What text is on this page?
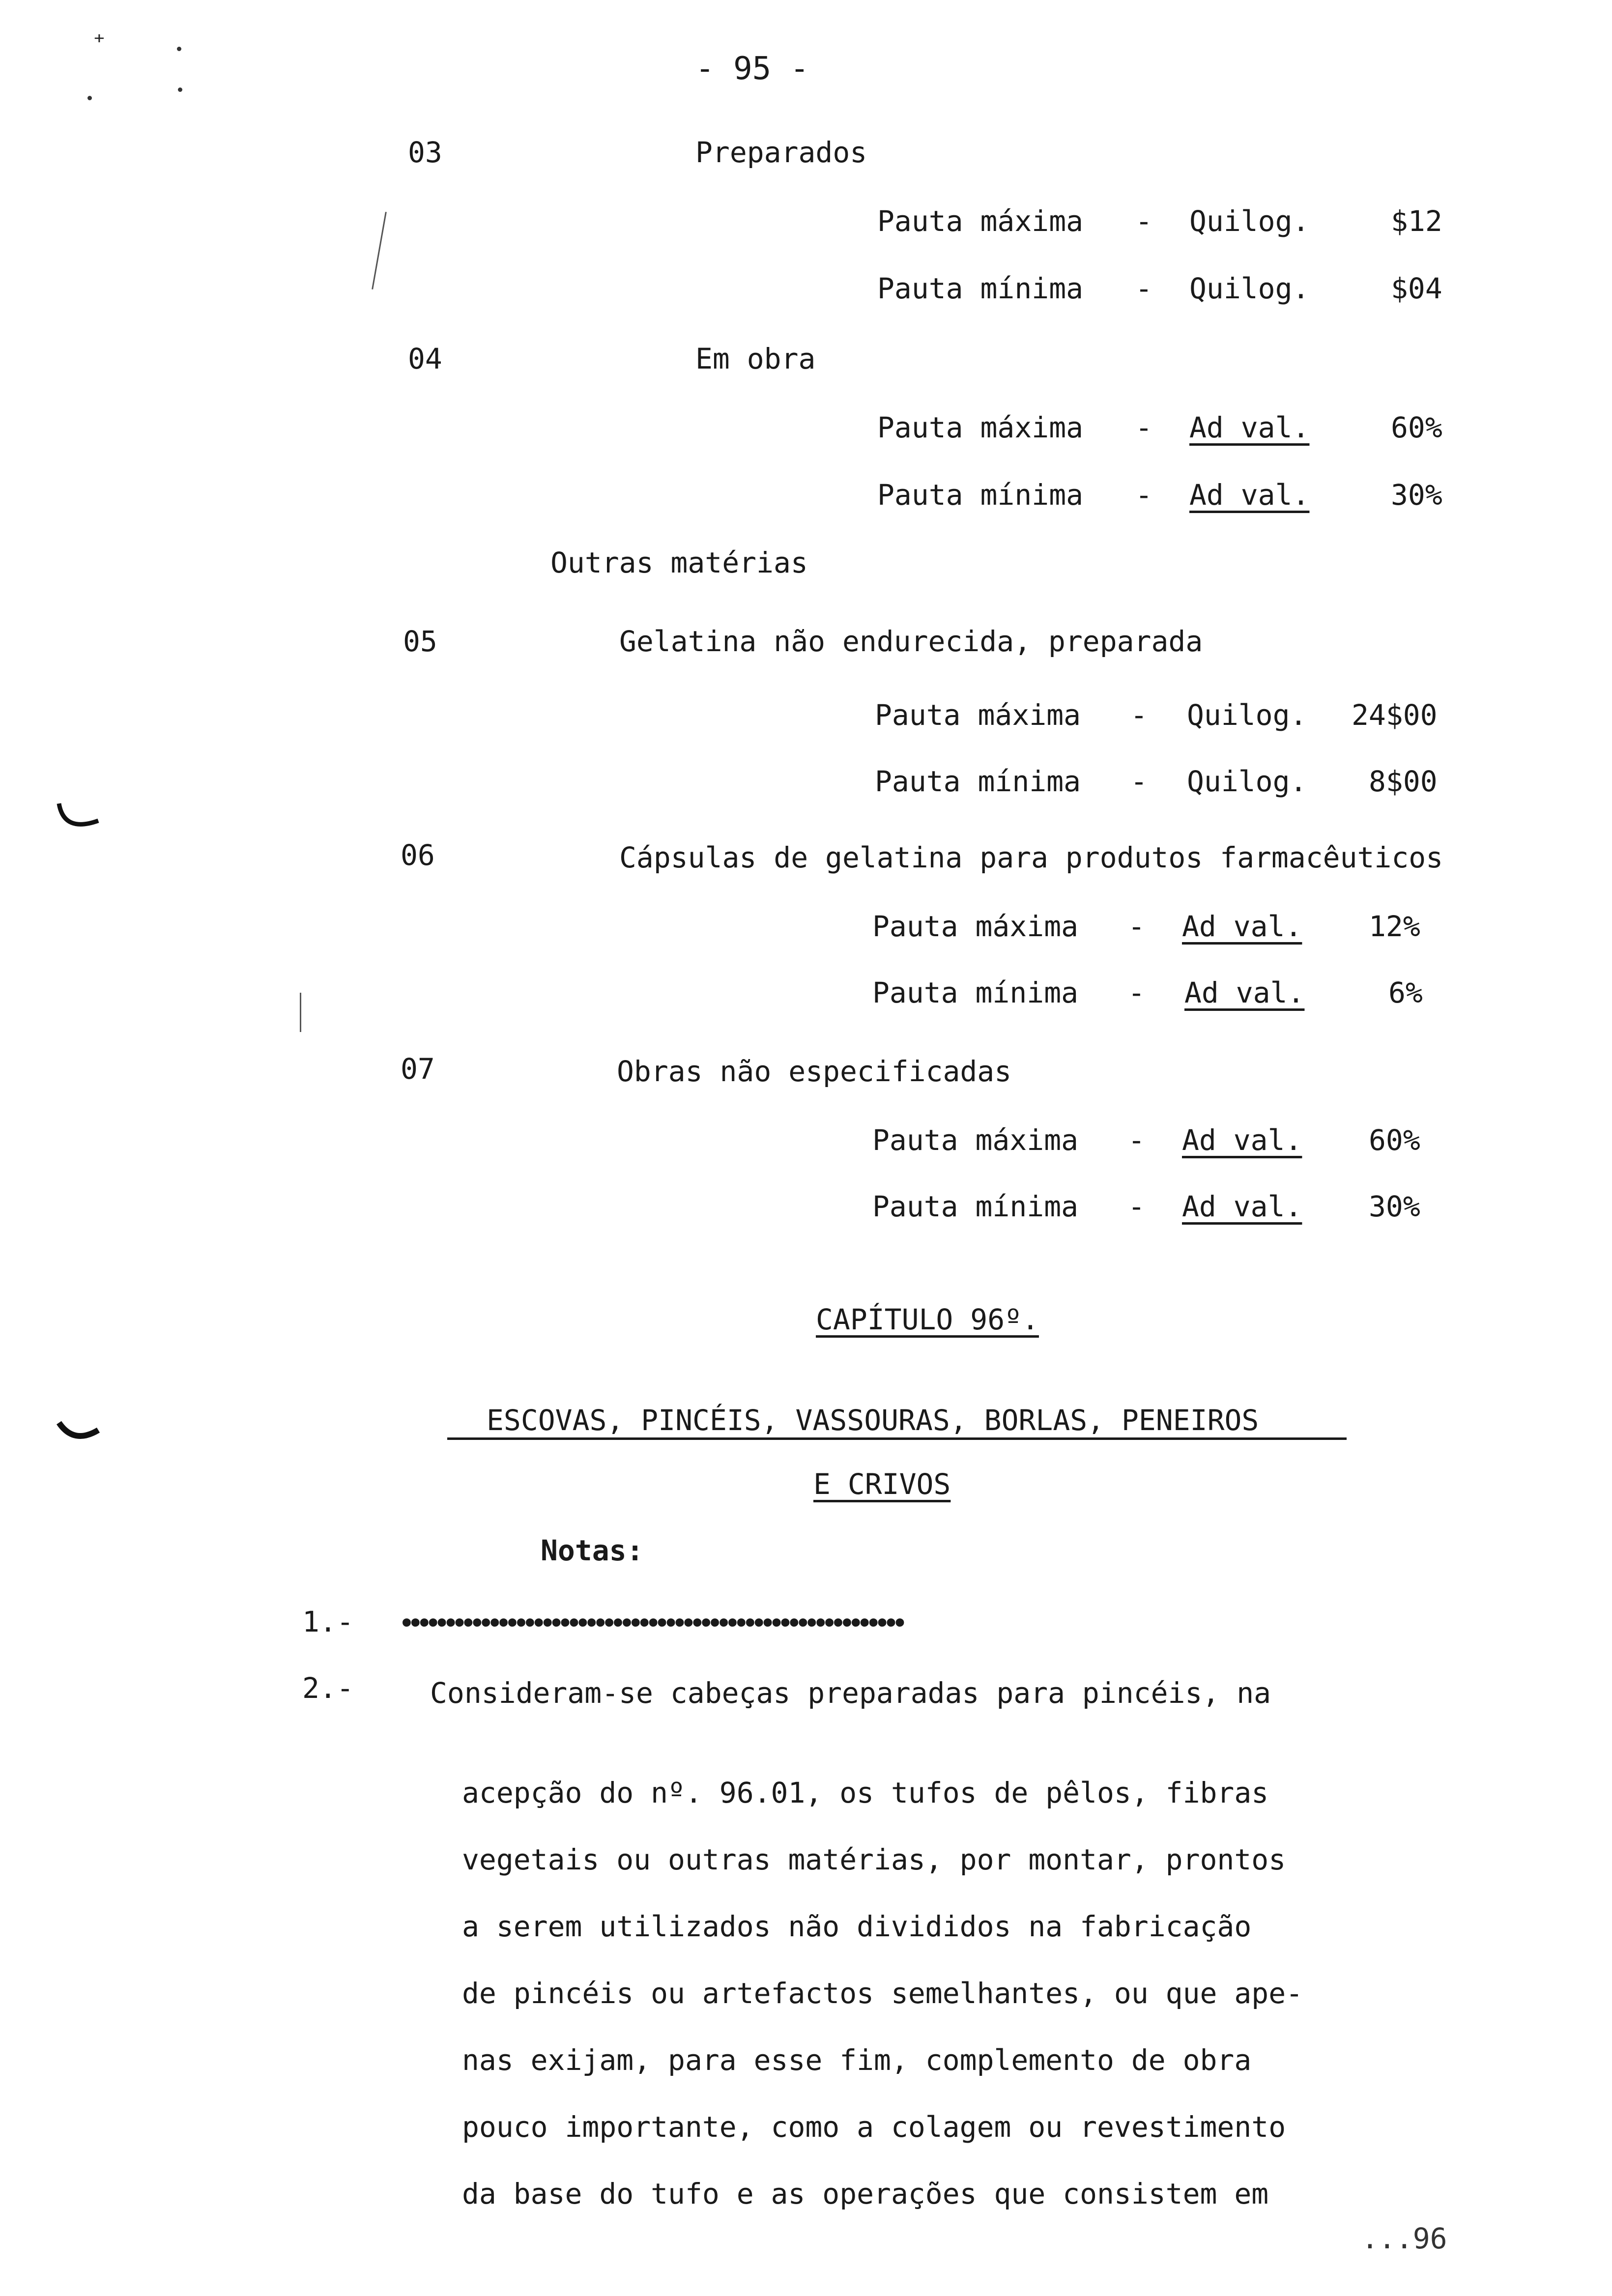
- 95 -
⁺
03	Preparados
Pauta máxima - Quilog.	$12
Pauta mínima - Quilog.	$04
04	Em obra
Pauta máxima - Ad val.	60%
Pauta mínima - Ad val.	30%
Outras matérias
05	Gelatina não endurecida, preparada
Pauta máxima - Quilog. 24$00
Pauta mínima - Quilog. 8$00
06	Cápsulas de gelatina para produtos farmacêuticos
Pauta máxima - Ad val. 12%
Pauta mínima - Ad val.	6%
07	Obras não especificadas
Pauta máxima - Ad val. 60%
Pauta mínima - Ad val. 30%
CAPÍTULO 96º.
ESCOVAS, PINCÉIS, VASSOURAS, BORLAS, PENEIROS
E CRIVOS
Notas:
1.- •••••••••••••••••••••••••••••••••••••••••••••••••••••••••
2.-	Consideram-se cabeças preparadas para pincéis, na
acepção do nº. 96.01, os tufos de pêlos, fibras
vegetais ou outras matérias, por montar, prontos
a serem utilizados não divididos na fabricação
de pincéis ou artefactos semelhantes, ou que ape-
nas exijam, para esse fim, complemento de obra
pouco importante, como a colagem ou revestimento
da base do tufo e as operações que consistem em
...96
